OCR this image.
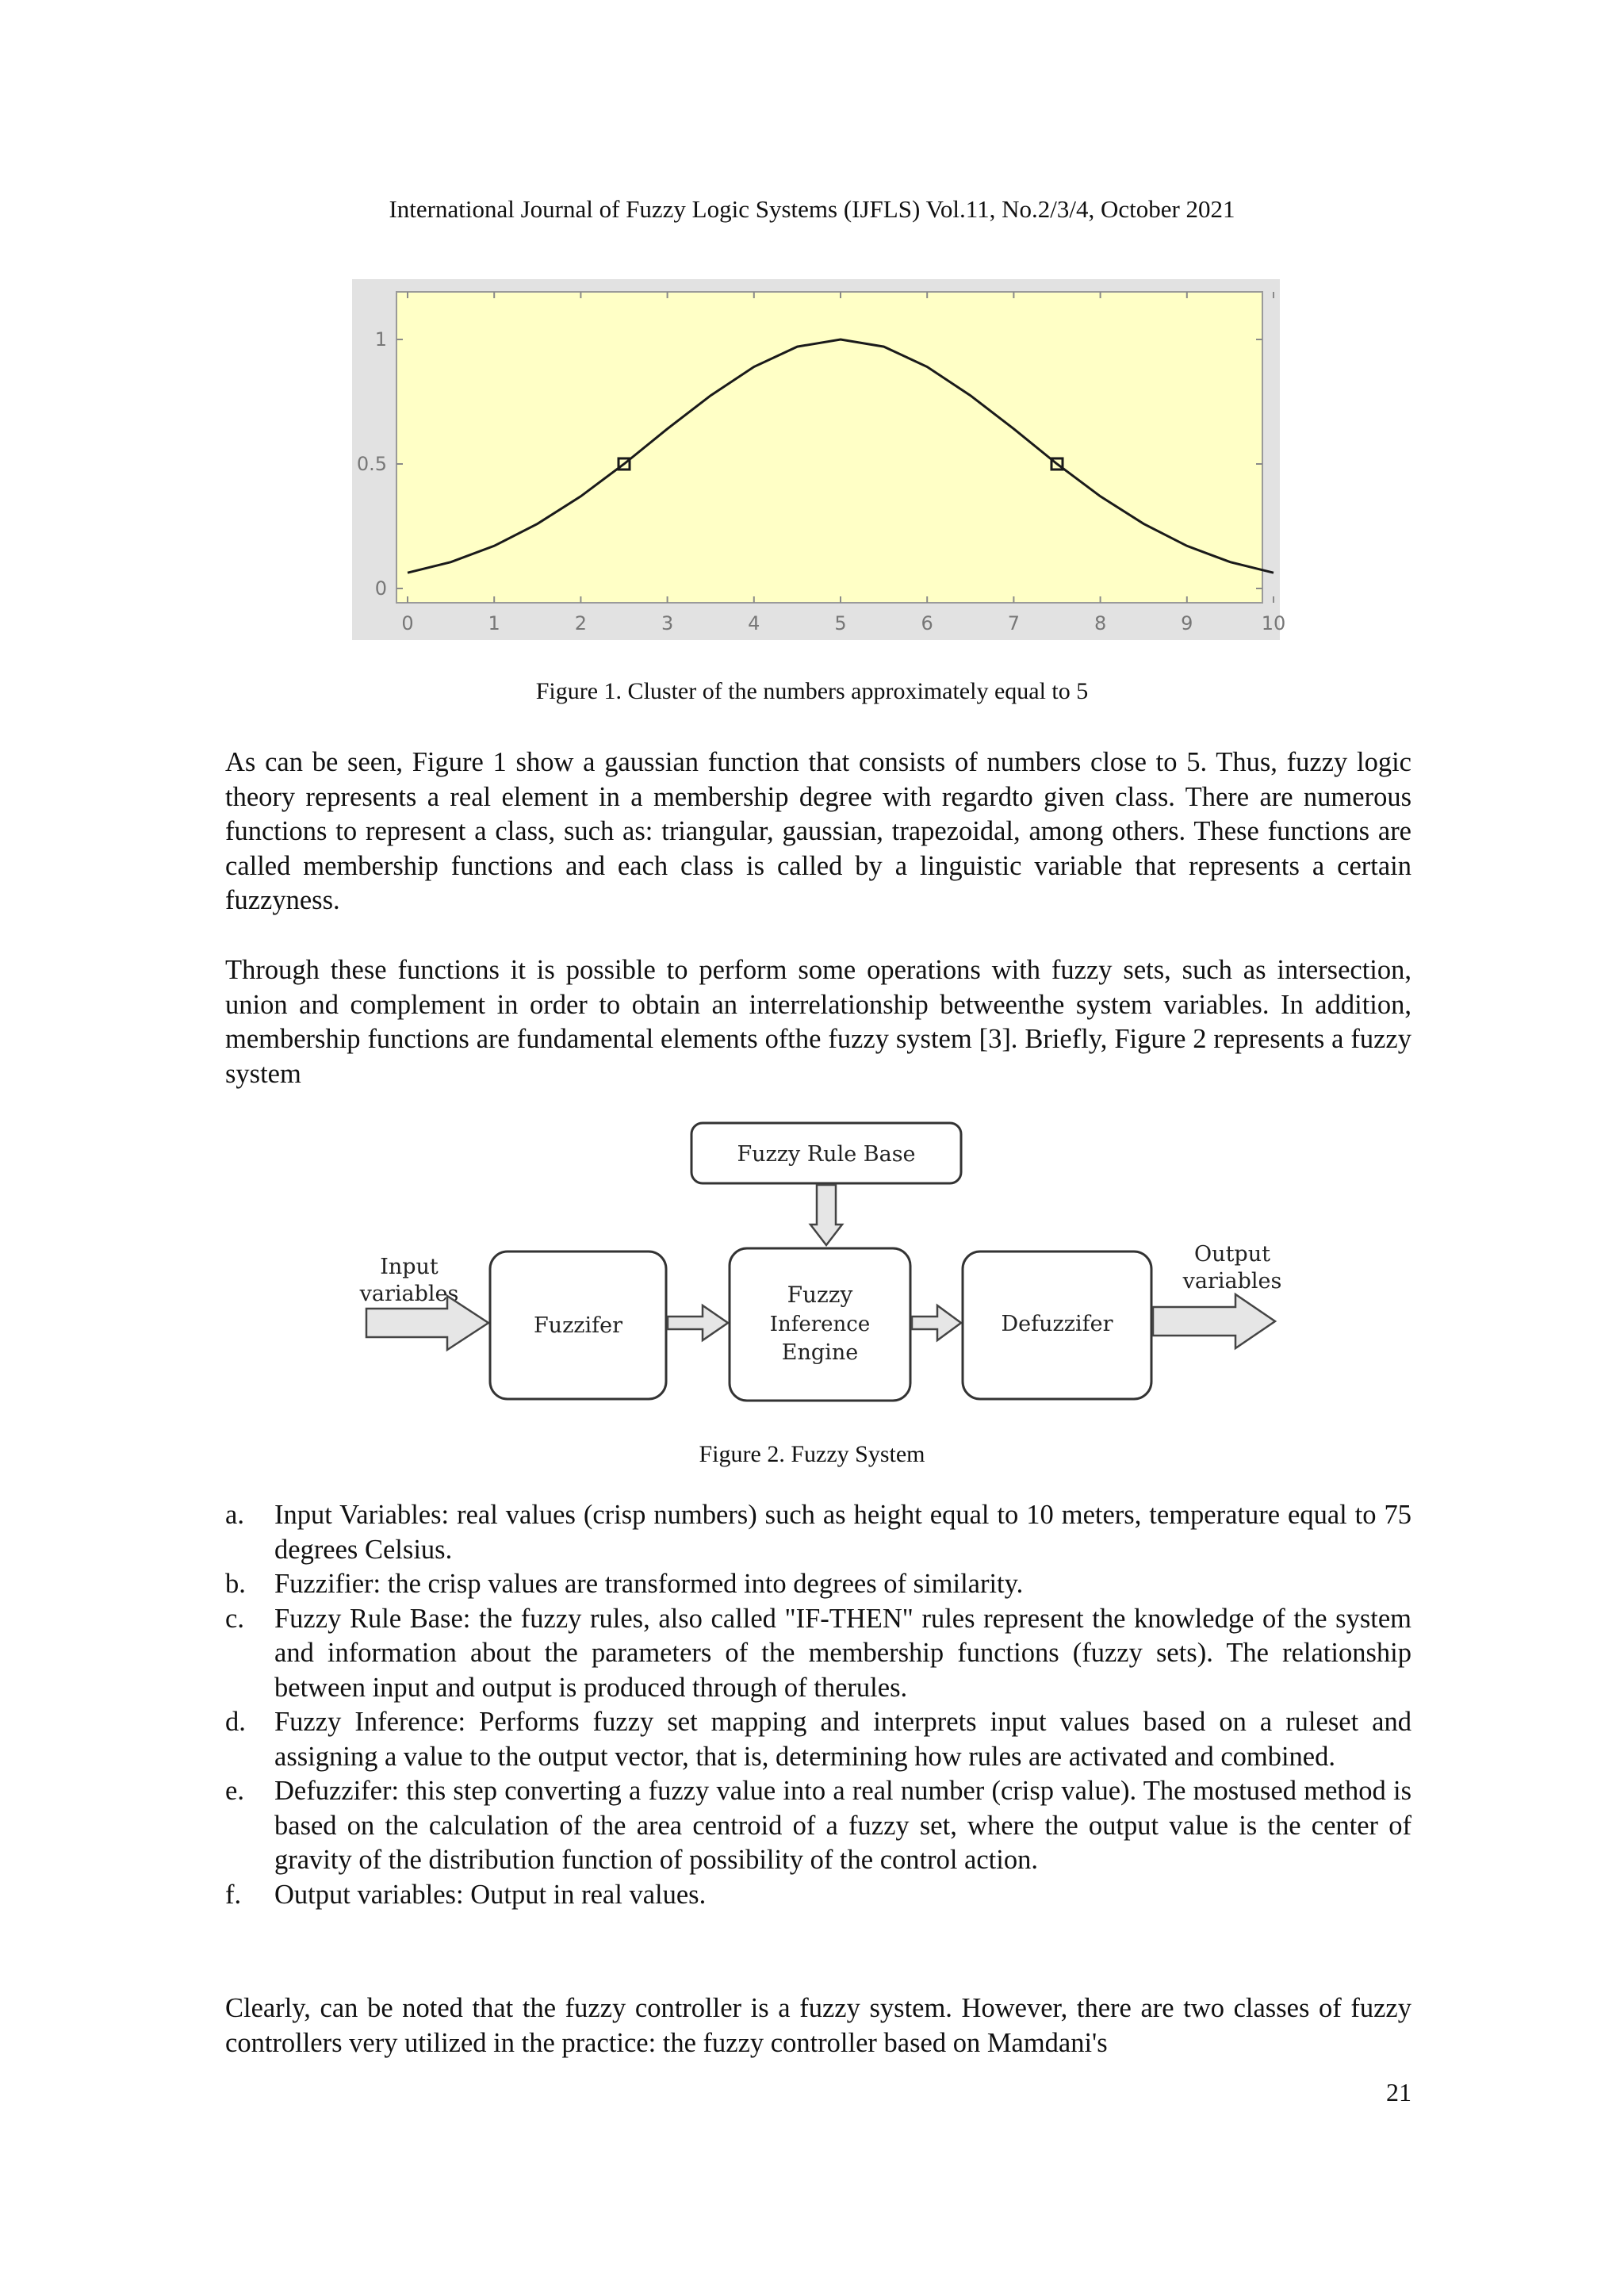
International Journal of Fuzzy Logic Systems (IJFLS) Vol.11, No.2/3/4, October 2021
0	1	2	3	4	5	6	7	8	9	10
0
0.5
1
Figure 1. Cluster of the numbers approximately equal to 5

As can be seen, Figure 1 show a gaussian function that consists of numbers close to 5. Thus, fuzzy logic theory represents a real element in a membership degree with regardto given class. There are numerous functions to represent a class, such as: triangular, gaussian, trapezoidal, among others. These functions are called membership functions and each class is called by a linguistic variable that represents a certain fuzzyness.

Through these functions it is possible to perform some operations with fuzzy sets, such as intersection, union and complement in order to obtain an interrelationship betweenthe system variables. In addition, membership functions are fundamental elements ofthe fuzzy system [3]. Briefly, Figure 2 represents a fuzzy system

Fuzzy Rule Base
Input
variables
Fuzzifer
Fuzzy
Inference
Engine
Defuzzifer
Output
variables
Figure 2. Fuzzy System
a. Input Variables: real values (crisp numbers) such as height equal to 10 meters, temperature equal to 75 degrees Celsius.
b. Fuzzifier: the crisp values are transformed into degrees of similarity.
c. Fuzzy Rule Base: the fuzzy rules, also called "IF-THEN" rules represent the knowledge of the system and information about the parameters of the membership functions (fuzzy sets). The relationship between input and output is produced through of therules.
d. Fuzzy Inference: Performs fuzzy set mapping and interprets input values based on a ruleset and assigning a value to the output vector, that is, determining how rules are activated and combined.
e. Defuzzifer: this step converting a fuzzy value into a real number (crisp value). The mostused method is based on the calculation of the area centroid of a fuzzy set, where the output value is the center of gravity of the distribution function of possibility of the control action.
f. Output variables: Output in real values.

Clearly, can be noted that the fuzzy controller is a fuzzy system. However, there are two classes of fuzzy controllers very utilized in the practice: the fuzzy controller based on Mamdani's

21
